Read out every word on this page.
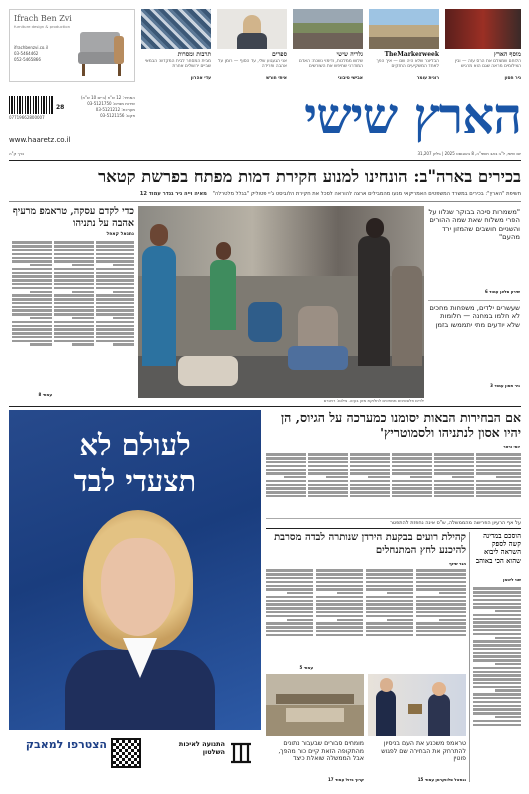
Ifrach Ben Zvi
furniture design & production
ifrachbenzvi.co.il
03-5464462
052-5465866
תרבות ומסרות
מבית המסחר לבית המקדש: הבמאי שביים ירושלים אחרת
עדי אהרון
ספרים
אני הגעגוע שלי, עד הסוף — רומן על אהבה ופרידה
איתי חורש
גלריה שישי
שלוש ממלכות, ודימוי נשכח: האדם המודרני שחיפש את השורשים
אבישי סיבוני
TheMarkerweek
הבליונר שלא היה שם — איך הפך לאחד המשקיעים החזקים
רונית עומר
מוסף הארץ
הלוחם שמצלם את הרס עזה — ובין הצילומים מראה שגם הוא מרגיש
ניר חסון
07719662800007
28
המחיר: 12 ש"ח (ב-ים 10 ש"ח)
שירות מנויים: 03-5121750
מערכת: 03-5121212
פקס: 03-5121156
www.haaretz.co.il	הארץ שישי
כרך ק"ה	יום שישי, ל"ב באב תשפ"ה, 8 באוגוסט 2025 | גיליון 31,207
בכירים בארה"ב: הונחינו למנוע חקירת דמות מפתח בפרשת קטאר
חשיפת "הארץ": בכירים במשרד המשפטים האמריקאי מנעו מהמבילים ארצה להוראה לסכל את חקירת הלוביסט ג'יי פטוליק "בגלל מלטרלה" מאיה וייה ניר גנדר עמוד 12
כדי לקדם עסקה, טראמפ מרעיף אהבה על נתניהו
נתנאל קאפל
עמוד 8
"משמרות סיכה בבוקר שנלוו על הפרי משלוח שאת שמה ההורים והשניים חושבים שהמזון ירד מהעם"
שירון סלאן עמוד 6
שעשרים ילדים, משפחות מחכים לא חלמו במחנה — חלומות שלא יודעים מתי יתממשו בזמן
ניר חסון עמוד 3
ילדים פלסטינים ממתינים לחלוקת מזון בעזה. צילום: רויטרס
לעולם לא
תצעדי לבד
הצטרפו למאבק	התנועה לאיכות השלטון
אם הבחירות הבאות יסומנו כמערכה על הגיוס, הן יהיו אסון לנתניהו ולסמוטריץ'
יוסי ורטר
על אף הרעיון הפרישה מהממשלה, ש"ס אינה נחפזת להתפטר
קהילת רועים בבקעת הירדן שנותרה לבדה מסרבת להיכנע לחץ המתנחלים
הגר שיזף
עמוד 5
הוסכם במדינה קשה לספק השראה ליבוא שהוא הכי באוהב
שני ליטמן
מומחים סבורים שבעבור נתונים מהתקופה הזאת קיים כור מהפך, אבל הממשלה שואלת כיצד
קרוך גדול עמוד 17
טראמפ משכנע את העם בניסיון להתרחק את הבחירה שם לפגוש פוטין
ננחאל סלווקרמן עמוד 15
